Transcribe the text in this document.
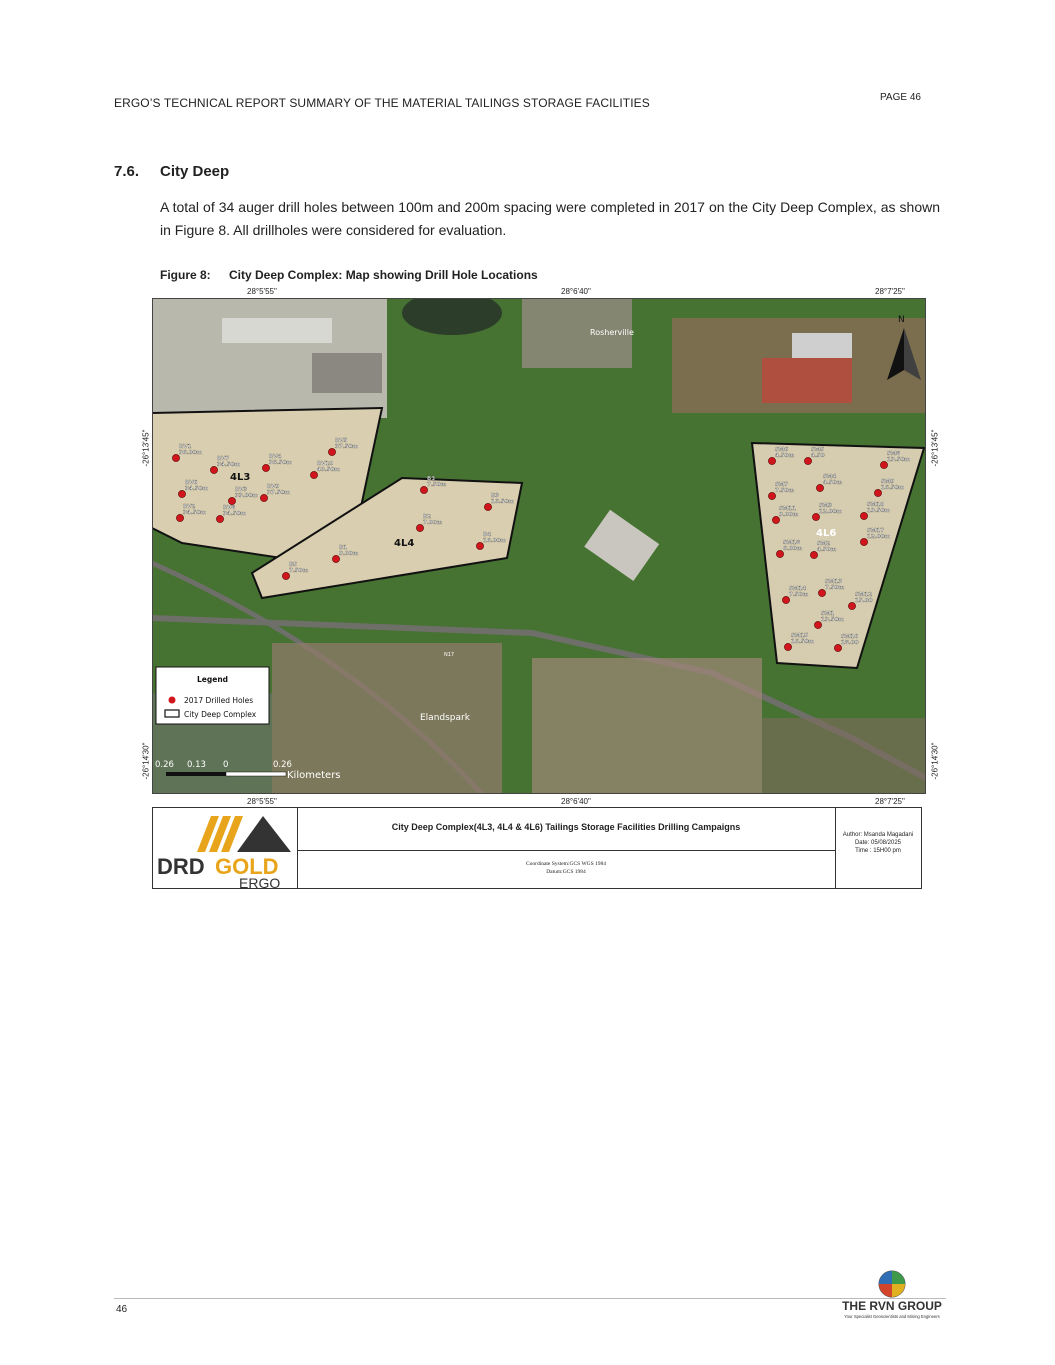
ERGO’S TECHNICAL REPORT SUMMARY OF THE MATERIAL TAILINGS STORAGE FACILITIES	PAGE 46
7.6. City Deep
A total of 34 auger drill holes between 100m and 200m spacing were completed in 2017 on the City Deep Complex, as shown in Figure 8. All drillholes were considered for evaluation.
Figure 8: City Deep Complex: Map showing Drill Hole Locations
28°5'55"	28°6'40"	28°7'25"
28°5'55"	28°6'40"	28°7'25"
-26°13'45"
-26°14'30"
-26°13'45"
-26°14'30"
4L3
4L4
4L6
Rosherville
Elandspark
N17
RV1
36.00m
RV7
34.50m
RV4
36.50m
RV5
37.50m
RV10
40.50m
RV6
34.50m	RV3
33.00m
RV9
37.50m
RV2
34.50m
RV8
34.50m
B3
7.50m
B3
16.50m
B2
7.00m
B4
16.00m
B1
9.00m
B5
7.50m
SM6
4.50m
SM5
4.50	SM8
13.50m
SM4
4.50m
SM7
7.50m
SM9
16.50m
SM11
9.00m
SM3
12.00m
SM10
19.50m
SM18
6.00m
SM2
4.50m
SM17
12.00m
SM13
7.50m
SM14
7.50m	SM12
15.00
SM1
13.50m
SM15
16.50m
SM16
18.00
N
Legend
2017 Drilled Holes
City Deep Complex
0.26 0.13 0	0.26
Kilometers
DRD GOLD
ERGO
City Deep Complex(4L3, 4L4 & 4L6) Tailings Storage Facilities Drilling Campaigns
Coordinate System:GCS WGS 1984
Datum:GCS 1984
Author: Msanda Magadani
Date: 05/08/2025
Time : 15H00 pm
46	THE RVN GROUP
Your Specialist Geoscientists and Mining Engineers
